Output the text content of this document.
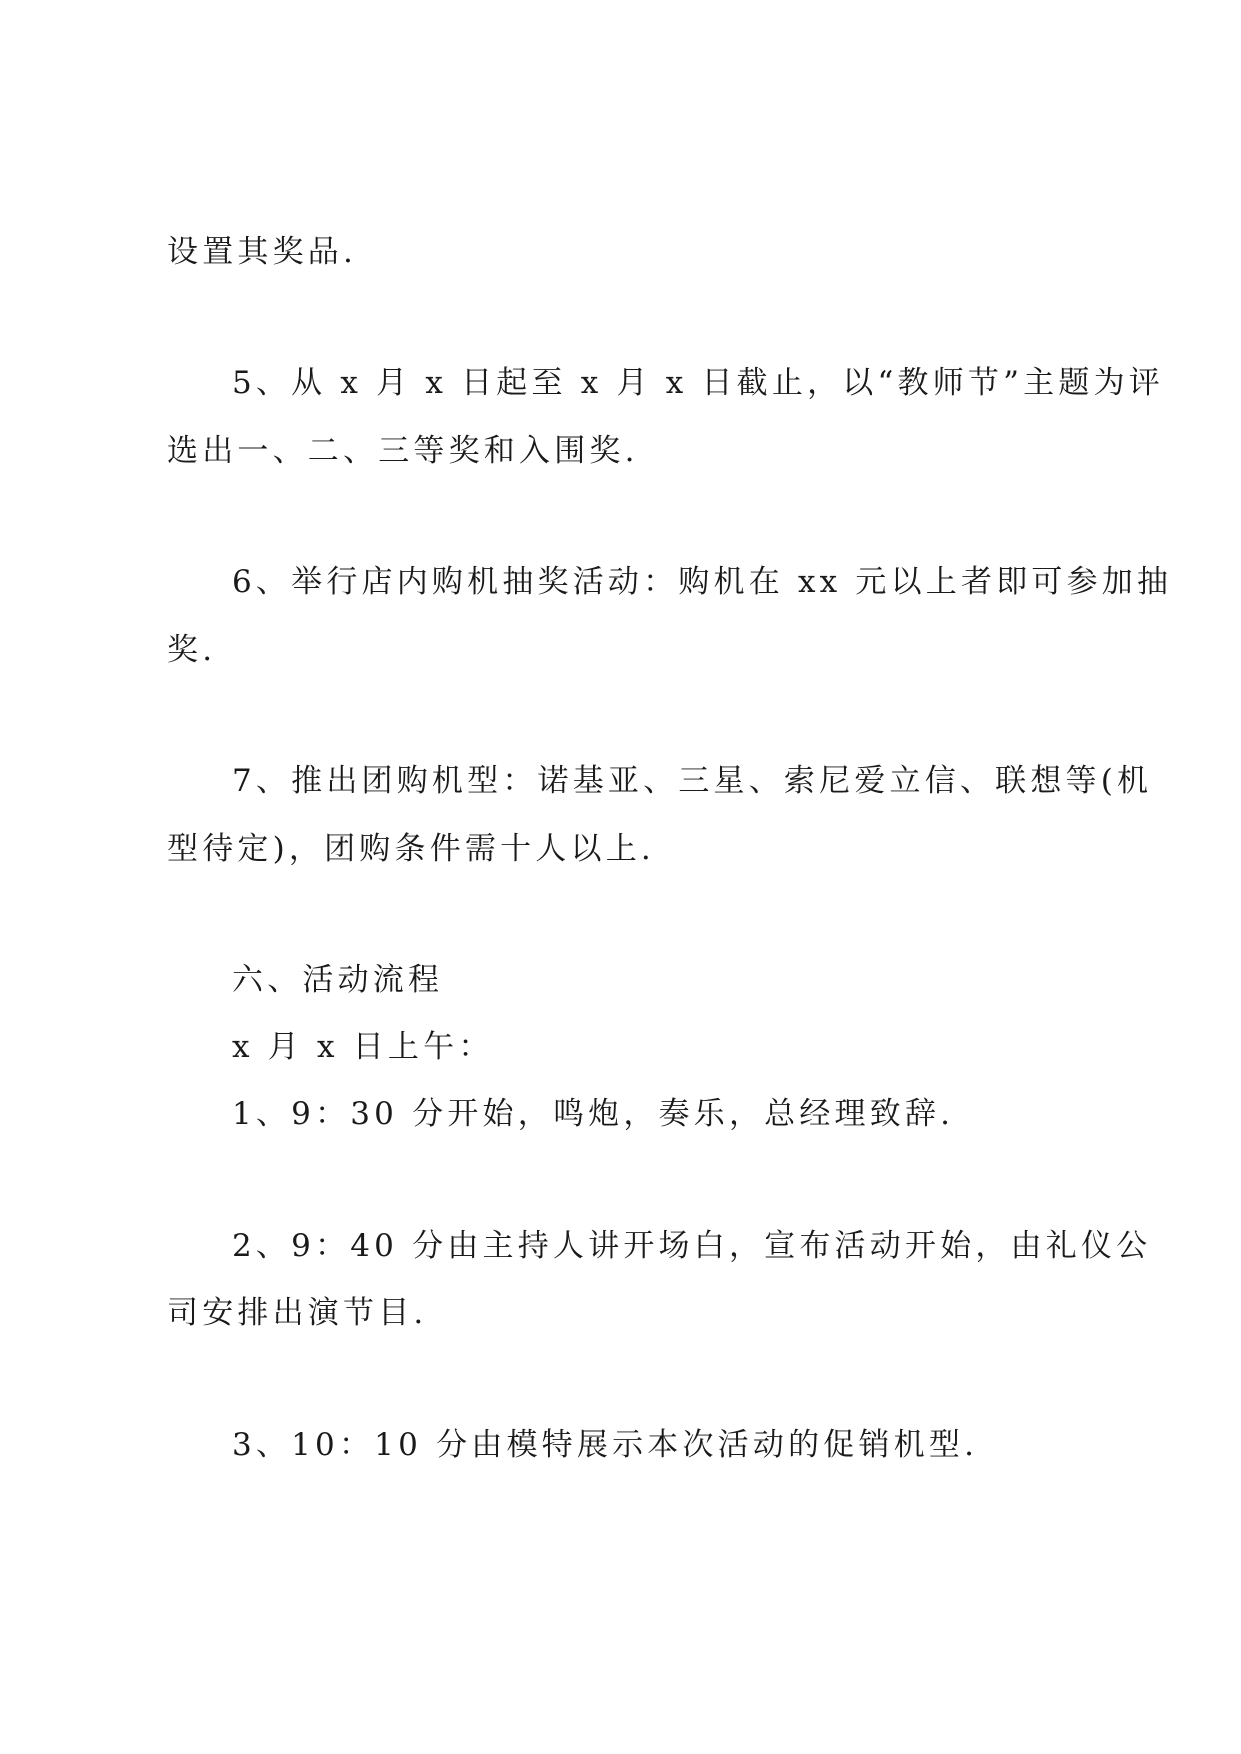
设置其奖品.

5、从 x 月 x 日起至 x 月 x 日截止，以“教师节”主题为评

选出一、二、三等奖和入围奖.

6、举行店内购机抽奖活动：购机在 xx 元以上者即可参加抽

奖.

7、推出团购机型：诺基亚、三星、索尼爱立信、联想等(机

型待定)，团购条件需十人以上.

六、活动流程

x 月 x 日上午：

1、9：30 分开始，鸣炮，奏乐，总经理致辞.

2、9：40 分由主持人讲开场白，宣布活动开始，由礼仪公

司安排出演节目.

3、10：10 分由模特展示本次活动的促销机型.
